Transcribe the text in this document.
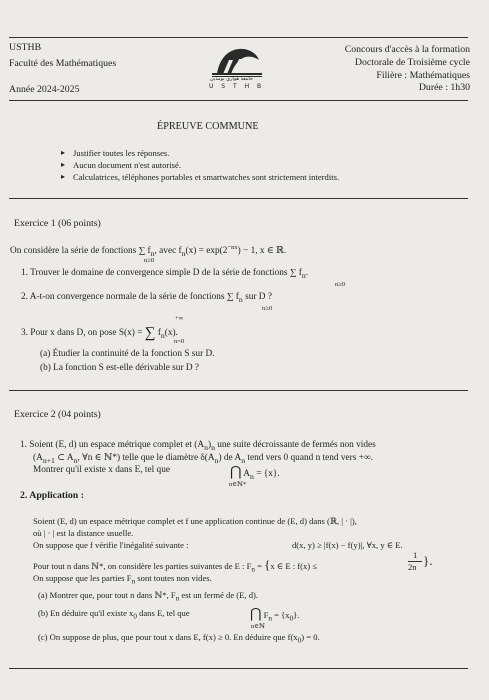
USTHB
Faculté des Mathématiques
Année 2024-2025
Concours d'accès à la formation
Doctorale de Troisième cycle
Filière : Mathématiques
Durée : 1h30
جامعة هواري بومدين
U S T H B
ÉPREUVE COMMUNE
▸ Justifier toutes les réponses.
▸ Aucun document n'est autorisé.
▸ Calculatrices, téléphones portables et smartwatches sont strictement interdits.
Exercice 1 (06 points)
On considère la série de fonctions ∑ $f_n$, avec $f_n(x) = \exp(2^{-nx}) - 1$, x ∈ ℝ.
n≥0
1. Trouver le domaine de convergence simple D de la série de fonctions ∑ $f_n$.
n≥0
2. A-t-on convergence normale de la série de fonctions ∑ $f_n$ sur D ?
n≥0
3. Pour x dans D, on pose S(x) = ∑ $f_n(x)$.
+∞
n=0
(a) Étudier la continuité de la fonction S sur D.
(b) La fonction S est-elle dérivable sur D ?
Exercice 2 (04 points)
1. Soient (E, d) un espace métrique complet et $(A_n)_n$ une suite décroissante de fermés non vides
($A_{n+1}$ ⊂ $A_n$, ∀n ∈ ℕ*) telle que le diamètre $\delta(A_n)$ de $A_n$ tend vers 0 quand n tend vers +∞.
Montrer qu'il existe x dans E, tel que	⋂ $A_n = \{x\}$.
n∈ℕ*
2. Application :
Soient (E, d) un espace métrique complet et f une application continue de (E, d) dans (ℝ, | · |),
où | · | est la distance usuelle.
On suppose que f vérifie l'inégalité suivante :	d(x, y) ≥ |f(x) − f(y)|, ∀x, y ∈ E.
Pour tout n dans ℕ*, on considère les parties suivantes de E : $F_n = \{x$ ∈ E : f(x) ≤
1
2n }.
On suppose que les parties $F_n$ sont toutes non vides.
(a) Montrer que, pour tout n dans ℕ*, $F_n$ est un fermé de (E, d).
(b) En déduire qu'il existe $x_0$ dans E, tel que	⋂ $F_n = \{x_0\}$.
n∈ℕ
(c) On suppose de plus, que pour tout x dans E, f(x) ≥ 0. En déduire que $f(x_0) = 0$.
